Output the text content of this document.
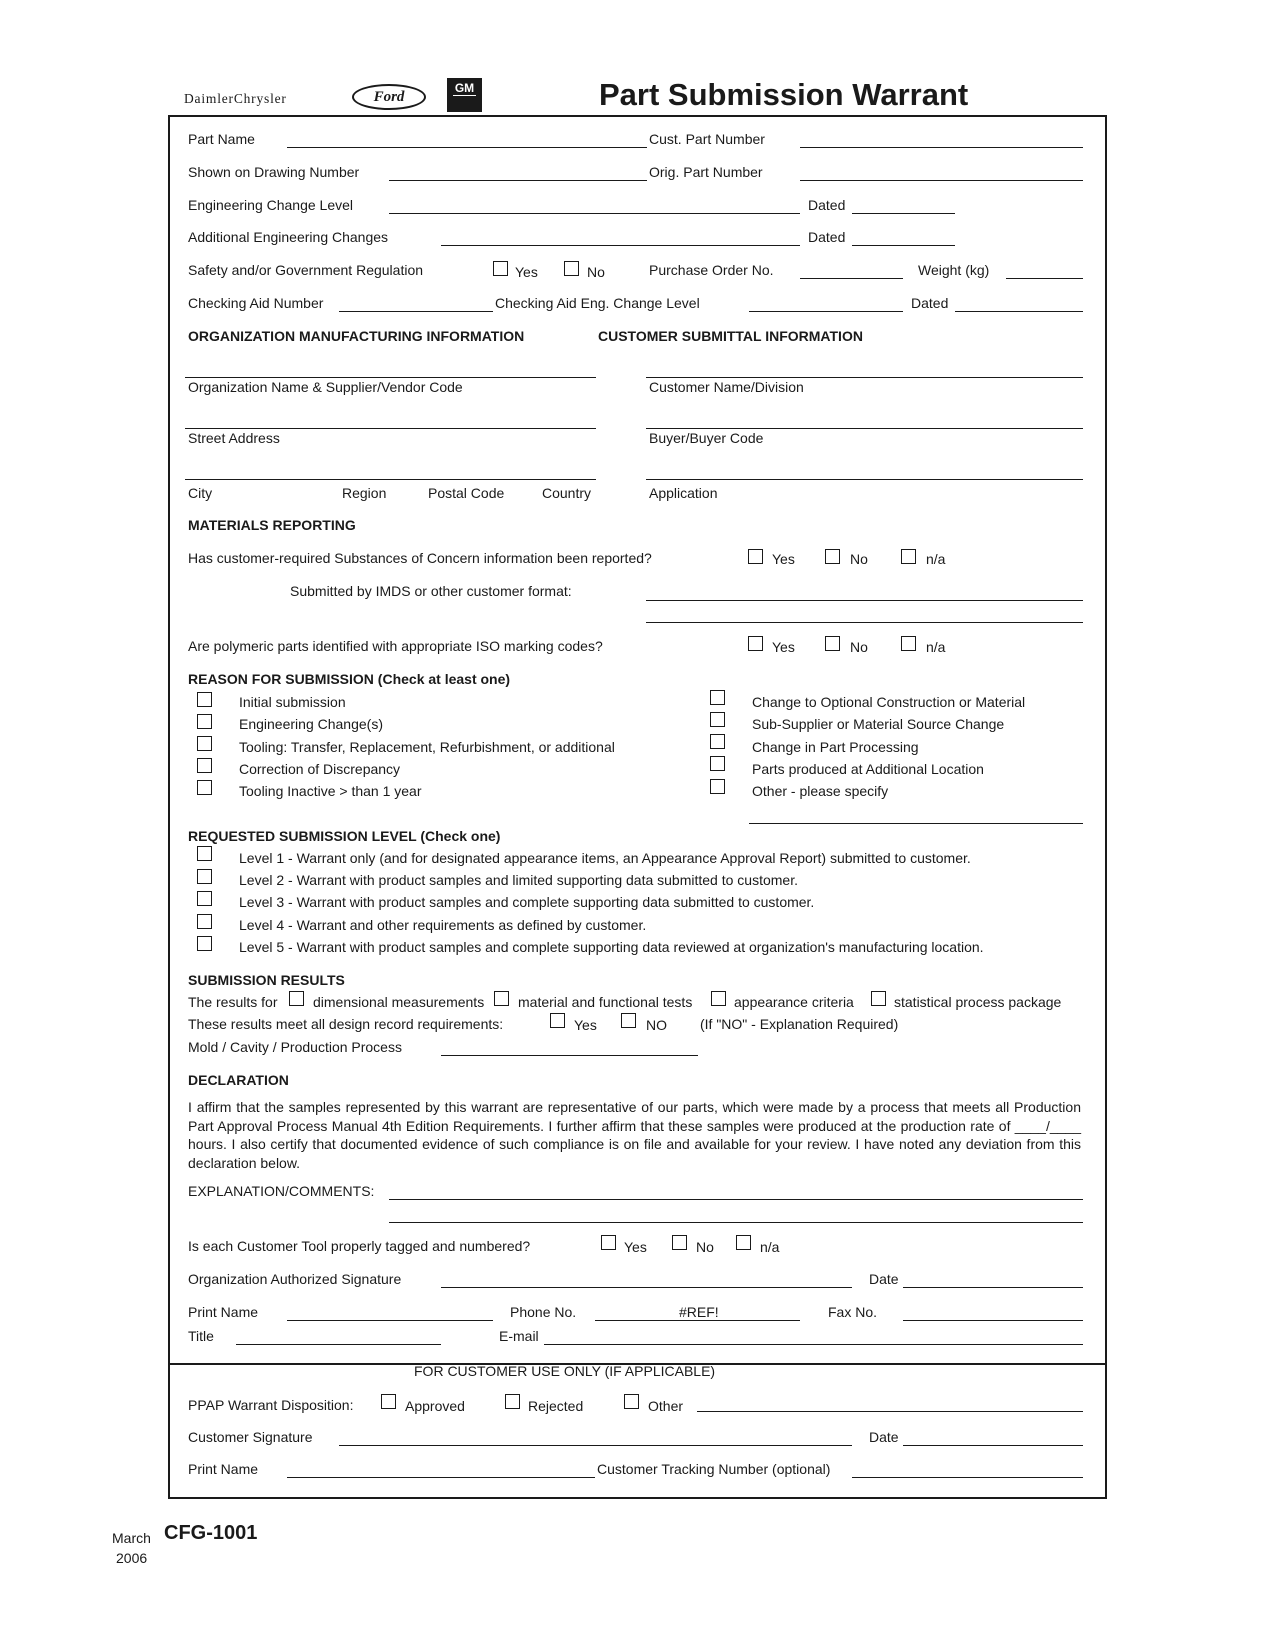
DaimlerChrysler	Ford
GM	Part Submission Warrant
Part Name	Cust. Part Number
Shown on Drawing Number	Orig. Part Number
Engineering Change Level	Dated
Additional Engineering Changes	Dated
Safety and/or Government Regulation	Yes	No	Purchase Order No.	Weight (kg)
Checking Aid Number	Checking Aid Eng. Change Level	Dated
ORGANIZATION MANUFACTURING INFORMATION	CUSTOMER SUBMITTAL INFORMATION
Organization Name & Supplier/Vendor Code	Customer Name/Division
Street Address	Buyer/Buyer Code
City	Region	Postal Code	Country	Application
MATERIALS REPORTING
Has customer-required Substances of Concern information been reported?	Yes	No	n/a
Submitted by IMDS or other customer format:
Are polymeric parts identified with appropriate ISO marking codes?	Yes	No	n/a
REASON FOR SUBMISSION (Check at least one)
Initial submission
Engineering Change(s)
Tooling: Transfer, Replacement, Refurbishment, or additional
Correction of Discrepancy
Tooling Inactive > than 1 year
Change to Optional Construction or Material
Sub-Supplier or Material Source Change
Change in Part Processing
Parts produced at Additional Location
Other - please specify
REQUESTED SUBMISSION LEVEL (Check one)
Level 1 - Warrant only (and for designated appearance items, an Appearance Approval Report) submitted to customer.
Level 2 - Warrant with product samples and limited supporting data submitted to customer.
Level 3 - Warrant with product samples and complete supporting data submitted to customer.
Level 4 - Warrant and other requirements as defined by customer.
Level 5 - Warrant with product samples and complete supporting data reviewed at organization's manufacturing location.
SUBMISSION RESULTS
The results for	dimensional measurements material and functional tests	appearance criteria	statistical process package
These results meet all design record requirements:	Yes	NO (If "NO" - Explanation Required)
Mold / Cavity / Production Process
DECLARATION
I affirm that the samples represented by this warrant are representative of our parts, which were made by a process that meets all Production Part Approval Process Manual 4th Edition Requirements. I further affirm that these samples were produced at the production rate of ____/____ hours. I also certify that documented evidence of such compliance is on file and available for your review. I have noted any deviation from this declaration below.
EXPLANATION/COMMENTS:
Is each Customer Tool properly tagged and numbered?	Yes	No	n/a
Organization Authorized Signature	Date
Print Name	Phone No.	#REF!	Fax No.
Title	E-mail
FOR CUSTOMER USE ONLY (IF APPLICABLE)
PPAP Warrant Disposition:	Approved	Rejected	Other
Customer Signature	Date
Print Name	Customer Tracking Number (optional)
March
2006
CFG-1001
